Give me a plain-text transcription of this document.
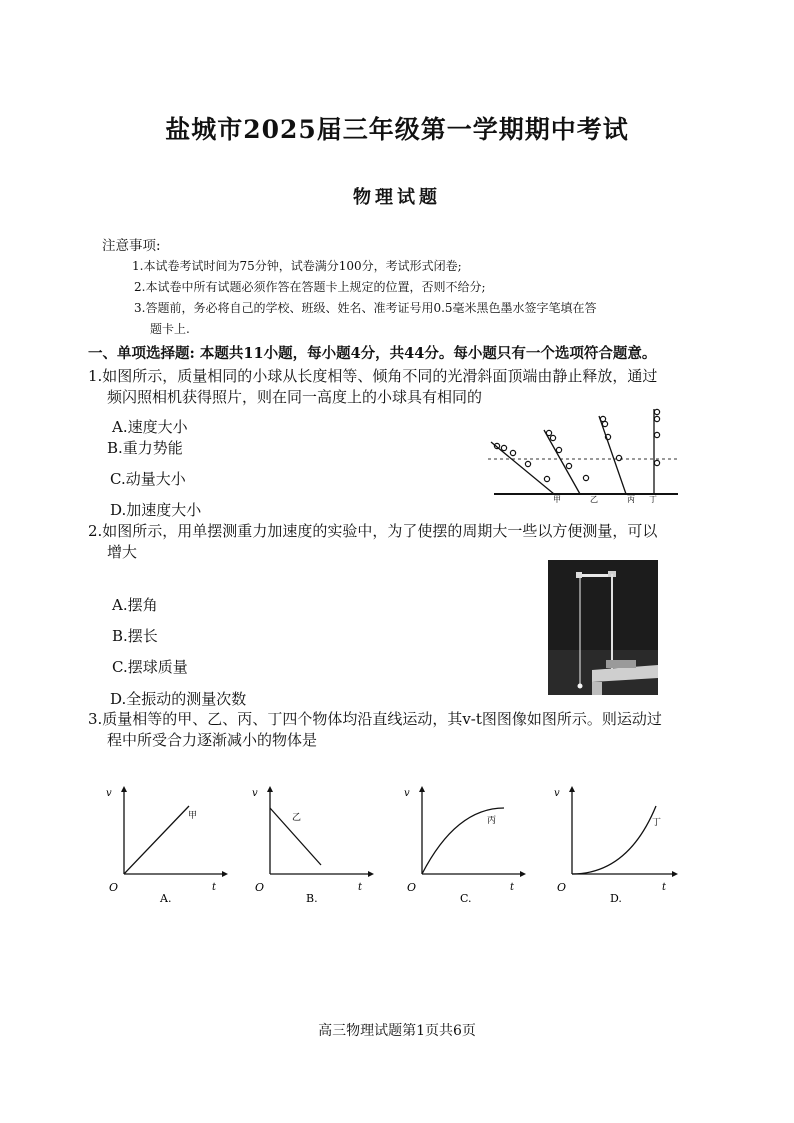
盐城市2025届三年级第一学期期中考试
物理试题
注意事项:
1.本试卷考试时间为75分钟，试卷满分100分，考试形式闭卷;
2.本试卷中所有试题必须作答在答题卡上规定的位置，否则不给分;
3.答题前，务必将自己的学校、班级、姓名、准考证号用0.5毫米黑色墨水签字笔填在答
题卡上.
一、单项选择题: 本题共11小题，每小题4分，共44分。每小题只有一个选项符合题意。
1.如图所示，质量相同的小球从长度相等、倾角不同的光滑斜面顶端由静止释放，通过
频闪照相机获得照片，则在同一高度上的小球具有相同的
A.速度大小
B.重力势能
C.动量大小
D.加速度大小
甲	乙	丙 丁
2.如图所示，用单摆测重力加速度的实验中，为了使摆的周期大一些以方便测量，可以
增大
A.摆角
B.摆长
C.摆球质量
D.全振动的测量次数
3.质量相等的甲、乙、丙、丁四个物体均沿直线运动，其v-t图图像如图所示。则运动过
程中所受合力逐渐减小的物体是
v
t
O
甲
A.
v
t
O
乙
B.
v
t
O
丙
C.
v
t
O
丁
D.
高三物理试题第1页共6页
